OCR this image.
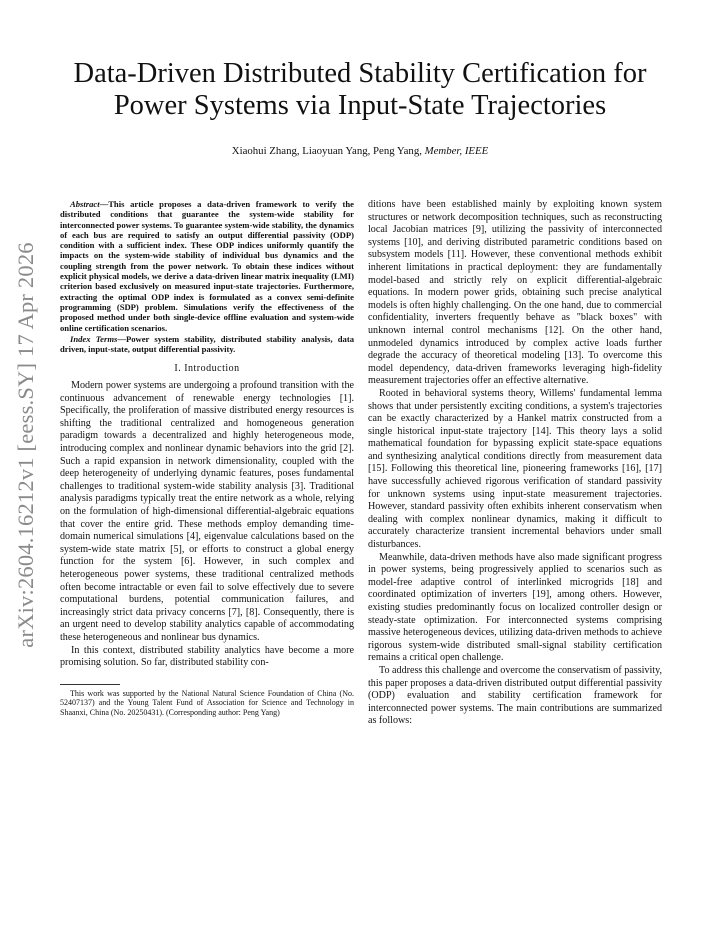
arXiv:2604.16212v1 [eess.SY] 17 Apr 2026
Data-Driven Distributed Stability Certification for
Power Systems via Input-State Trajectories

Xiaohui Zhang, Liaoyuan Yang, Peng Yang, Member, IEEE

Abstract—This article proposes a data-driven framework to verify the distributed conditions that guarantee the system-wide stability for interconnected power systems. To guarantee system-wide stability, the dynamics of each bus are required to satisfy an output differential passivity (ODP) condition with a sufficient index. These ODP indices uniformly quantify the impacts on the system-wide stability of individual bus dynamics and the coupling strength from the power network. To obtain these indices without explicit physical models, we derive a data-driven linear matrix inequality (LMI) criterion based exclusively on measured input-state trajectories. Furthermore, extracting the optimal ODP index is formulated as a convex semi-definite programming (SDP) problem. Simulations verify the effectiveness of the proposed method under both single-device offline evaluation and system-wide online certification scenarios.

Index Terms—Power system stability, distributed stability analysis, data driven, input-state, output differential passivity.

I. Introduction

Modern power systems are undergoing a profound transition with the continuous advancement of renewable energy technologies [1]. Specifically, the proliferation of massive distributed energy resources is shifting the traditional centralized and homogeneous generation paradigm towards a decentralized and highly heterogeneous mode, introducing complex and nonlinear dynamic behaviors into the grid [2]. Such a rapid expansion in network dimensionality, coupled with the deep heterogeneity of underlying dynamic features, poses fundamental challenges to traditional system-wide stability analysis [3]. Traditional analysis paradigms typically treat the entire network as a whole, relying on the formulation of high-dimensional differential-algebraic equations that cover the entire grid. These methods employ demanding time-domain numerical simulations [4], eigenvalue calculations based on the system-wide state matrix [5], or efforts to construct a global energy function for the system [6]. However, in such complex and heterogeneous power systems, these traditional centralized methods often become intractable or even fail to solve effectively due to severe computational burdens, potential communication failures, and increasingly strict data privacy concerns [7], [8]. Consequently, there is an urgent need to develop stability analytics capable of accommodating these heterogeneous and nonlinear bus dynamics.

In this context, distributed stability analytics have become a more promising solution. So far, distributed stability con-

This work was supported by the National Natural Science Foundation of China (No. 52407137) and the Young Talent Fund of Association for Science and Technology in Shaanxi, China (No. 20250431). (Corresponding author: Peng Yang)

ditions have been established mainly by exploiting known system structures or network decomposition techniques, such as reconstructing local Jacobian matrices [9], utilizing the passivity of interconnected systems [10], and deriving distributed parametric conditions based on subsystem models [11]. However, these conventional methods exhibit inherent limitations in practical deployment: they are fundamentally model-based and strictly rely on explicit differential-algebraic equations. In modern power grids, obtaining such precise analytical models is often highly challenging. On the one hand, due to commercial confidentiality, inverters frequently behave as "black boxes" with unknown internal control mechanisms [12]. On the other hand, unmodeled dynamics introduced by complex active loads further degrade the accuracy of theoretical modeling [13]. To overcome this model dependency, data-driven frameworks leveraging high-fidelity measurement trajectories offer an effective alternative.

Rooted in behavioral systems theory, Willems' fundamental lemma shows that under persistently exciting conditions, a system's trajectories can be exactly characterized by a Hankel matrix constructed from a single historical input-state trajectory [14]. This theory lays a solid mathematical foundation for bypassing explicit state-space equations and synthesizing analytical conditions directly from measurement data [15]. Following this theoretical line, pioneering frameworks [16], [17] have successfully achieved rigorous verification of standard passivity for unknown systems using input-state measurement trajectories. However, standard passivity often exhibits inherent conservatism when dealing with complex nonlinear dynamics, making it difficult to accurately characterize transient incremental behaviors under small disturbances.

Meanwhile, data-driven methods have also made significant progress in power systems, being progressively applied to scenarios such as model-free adaptive control of interlinked microgrids [18] and coordinated optimization of inverters [19], among others. However, existing studies predominantly focus on localized controller design or steady-state optimization. For interconnected systems comprising massive heterogeneous devices, utilizing data-driven methods to achieve rigorous system-wide distributed small-signal stability certification remains a critical open challenge.

To address this challenge and overcome the conservatism of passivity, this paper proposes a data-driven distributed output differential passivity (ODP) evaluation and stability certification framework for interconnected power systems. The main contributions are summarized as follows:
